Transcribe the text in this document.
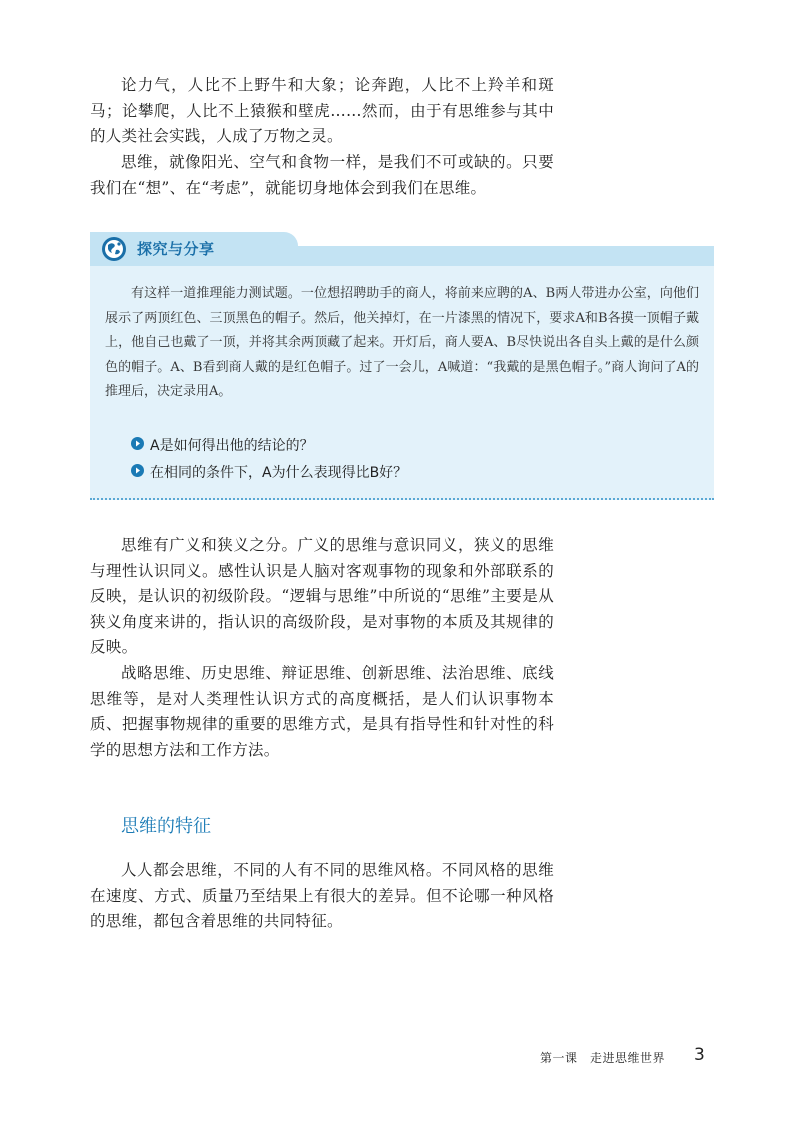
论力气，人比不上野牛和大象；论奔跑，人比不上羚羊和斑马；论攀爬，人比不上猿猴和壁虎……然而，由于有思维参与其中的人类社会实践，人成了万物之灵。

思维，就像阳光、空气和食物一样，是我们不可或缺的。只要我们在“想”、在“考虑”，就能切身地体会到我们在思维。

探究与分享

有这样一道推理能力测试题。一位想招聘助手的商人，将前来应聘的A、B两人带进办公室，向他们展示了两顶红色、三顶黑色的帽子。然后，他关掉灯，在一片漆黑的情况下，要求A和B各摸一顶帽子戴上，他自己也戴了一顶，并将其余两顶藏了起来。开灯后，商人要A、B尽快说出各自头上戴的是什么颜色的帽子。A、B看到商人戴的是红色帽子。过了一会儿，A喊道：“我戴的是黑色帽子。”商人询问了A的推理后，决定录用A。

A是如何得出他的结论的？
在相同的条件下，A为什么表现得比B好？

思维有广义和狭义之分。广义的思维与意识同义，狭义的思维与理性认识同义。感性认识是人脑对客观事物的现象和外部联系的反映，是认识的初级阶段。“逻辑与思维”中所说的“思维”主要是从狭义角度来讲的，指认识的高级阶段，是对事物的本质及其规律的反映。

战略思维、历史思维、辩证思维、创新思维、法治思维、底线思维等，是对人类理性认识方式的高度概括，是人们认识事物本质、把握事物规律的重要的思维方式，是具有指导性和针对性的科学的思想方法和工作方法。

思维的特征

人人都会思维，不同的人有不同的思维风格。不同风格的思维在速度、方式、质量乃至结果上有很大的差异。但不论哪一种风格的思维，都包含着思维的共同特征。

第一课　走进思维世界 3
